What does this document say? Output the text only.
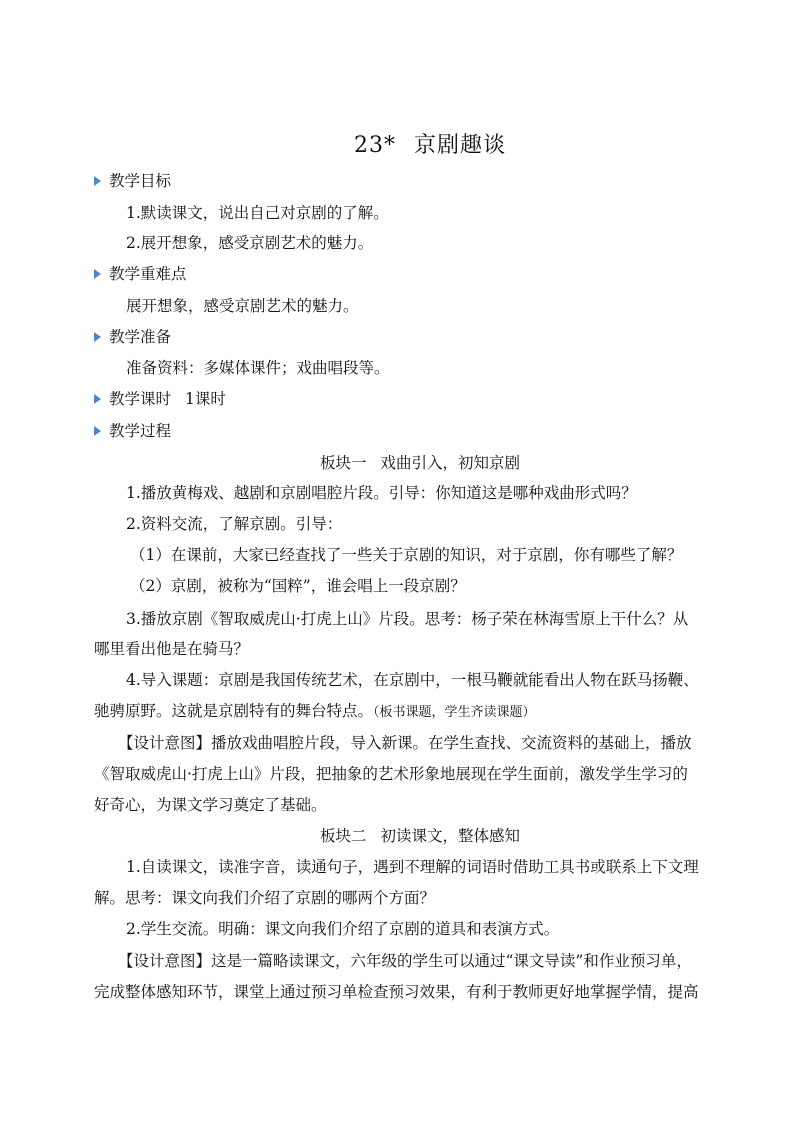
23* 京剧趣谈
教学目标
1.默读课文，说出自己对京剧的了解。
2.展开想象，感受京剧艺术的魅力。
教学重难点
展开想象，感受京剧艺术的魅力。
教学准备
准备资料：多媒体课件；戏曲唱段等。
教学课时 1课时
教学过程
板块一 戏曲引入，初知京剧
1.播放黄梅戏、越剧和京剧唱腔片段。引导：你知道这是哪种戏曲形式吗？
2.资料交流，了解京剧。引导：
（1）在课前，大家已经查找了一些关于京剧的知识，对于京剧，你有哪些了解？
（2）京剧，被称为“国粹”，谁会唱上一段京剧？
3.播放京剧《智取威虎山·打虎上山》片段。思考：杨子荣在林海雪原上干什么？从
哪里看出他是在骑马？
4.导入课题：京剧是我国传统艺术，在京剧中，一根马鞭就能看出人物在跃马扬鞭、
驰骋原野。这就是京剧特有的舞台特点。（板书课题，学生齐读课题）
【设计意图】播放戏曲唱腔片段，导入新课。在学生查找、交流资料的基础上，播放
《智取威虎山·打虎上山》片段，把抽象的艺术形象地展现在学生面前，激发学生学习的
好奇心，为课文学习奠定了基础。
板块二 初读课文，整体感知
1.自读课文，读准字音，读通句子，遇到不理解的词语时借助工具书或联系上下文理
解。思考：课文向我们介绍了京剧的哪两个方面？
2.学生交流。明确：课文向我们介绍了京剧的道具和表演方式。
【设计意图】这是一篇略读课文，六年级的学生可以通过“课文导读”和作业预习单，
完成整体感知环节，课堂上通过预习单检查预习效果，有利于教师更好地掌握学情，提高
